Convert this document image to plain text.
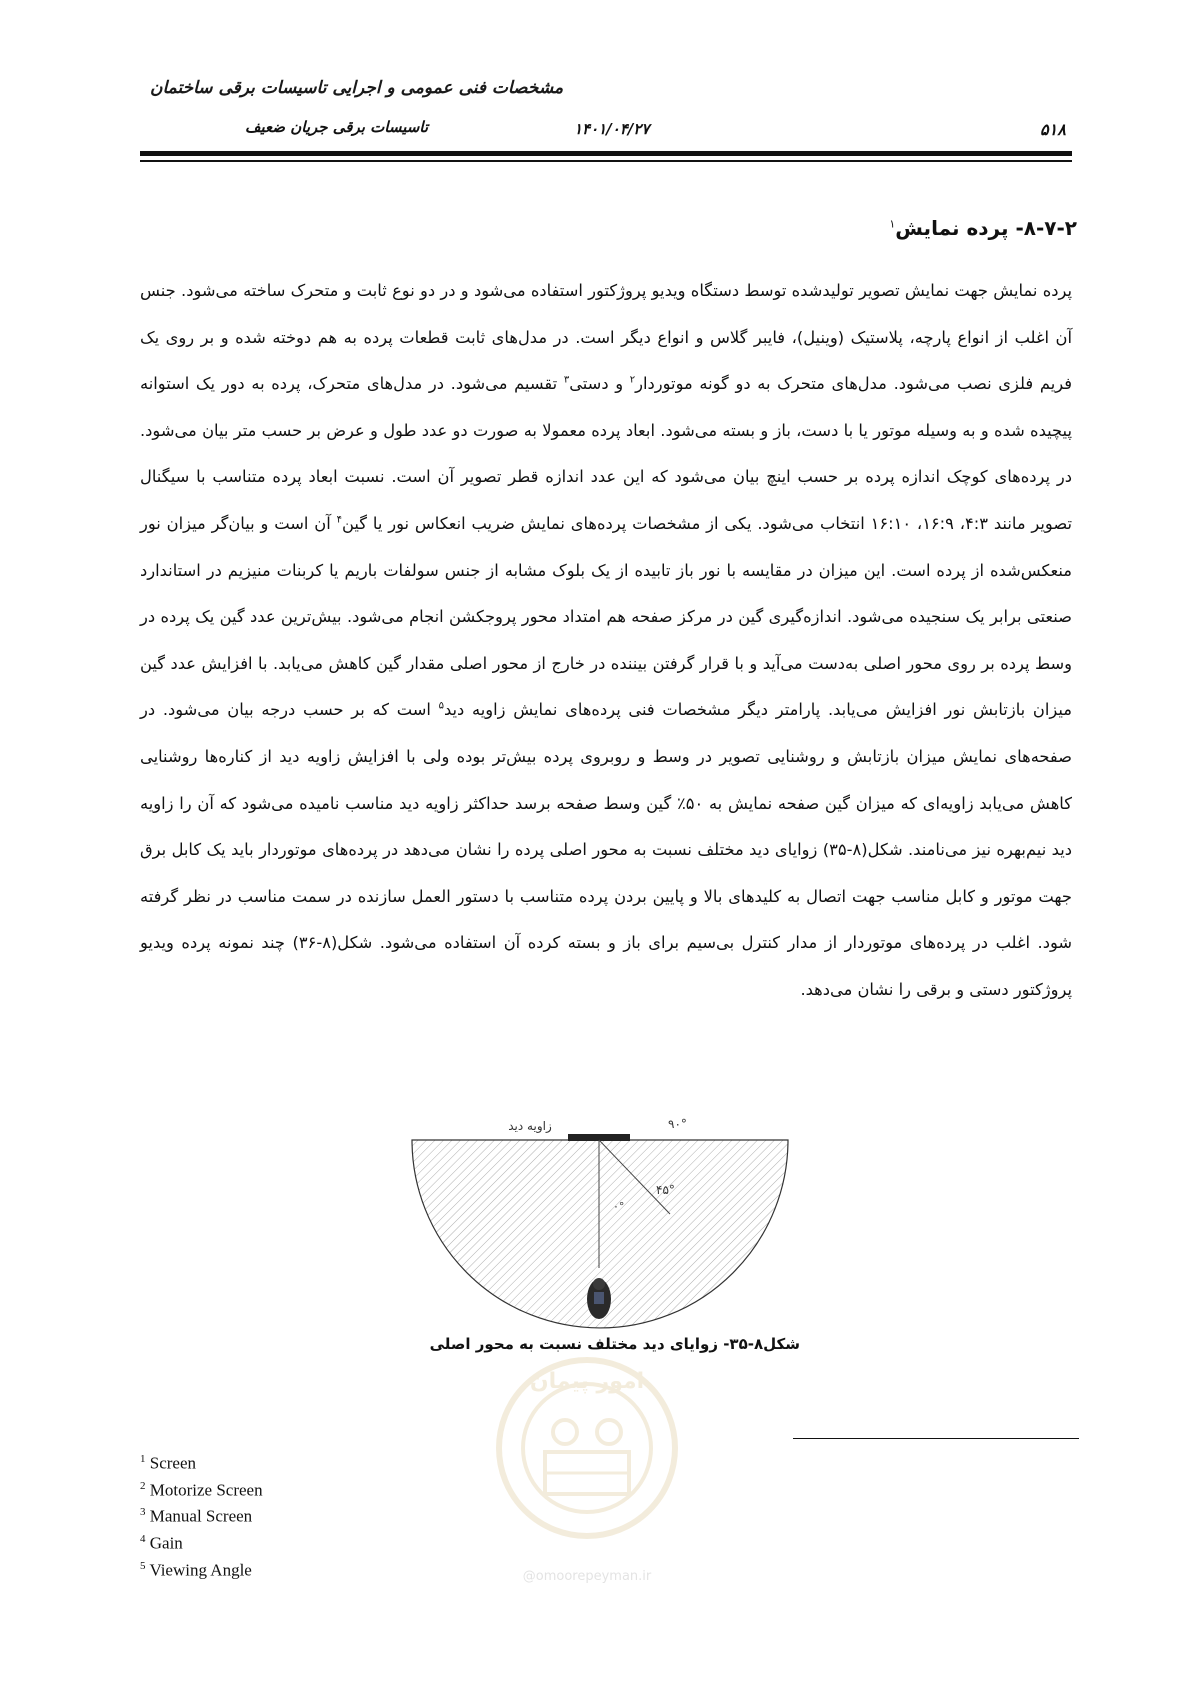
مشخصات فنی عمومی و اجرایی تاسیسات برقی ساختمان
تاسیسات برقی جریان ضعیف	۱۴۰۱/۰۴/۲۷	۵۱۸
۸-۷-۲- پرده نمایش$^۱$
پرده نمایش جهت نمایش تصویر تولیدشده توسط دستگاه ویدیو پروژکتور استفاده می‌شود و در دو نوع ثابت و متحرک ساخته می‌شود. جنس آن اغلب از انواع پارچه، پلاستیک (وینیل)، فایبر گلاس و انواع دیگر است. در مدل‌های ثابت قطعات پرده به هم دوخته شده و بر روی یک فریم فلزی نصب می‌شود. مدل‌های متحرک به دو گونه موتوردار$^۲$ و دستی$^۳$ تقسیم می‌شود. در مدل‌های متحرک، پرده به دور یک استوانه پیچیده شده و به وسیله موتور یا با دست، باز و بسته می‌شود. ابعاد پرده معمولا به صورت دو عدد طول و عرض بر حسب متر بیان می‌شود. در پرده‌های کوچک اندازه پرده بر حسب اینچ بیان می‌شود که این عدد اندازه قطر تصویر آن است. نسبت ابعاد پرده متناسب با سیگنال تصویر مانند ۴:۳، ۱۶:۹، ۱۶:۱۰ انتخاب می‌شود. یکی از مشخصات پرده‌های نمایش ضریب انعکاس نور یا گین$^۴$ آن است و بیان‌گر میزان نور منعکس‌شده از پرده است. این میزان در مقایسه با نور باز تابیده از یک بلوک مشابه از جنس سولفات باریم یا کربنات منیزیم در استاندارد صنعتی برابر یک سنجیده می‌شود. اندازه‌گیری گین در مرکز صفحه هم امتداد محور پروجکشن انجام می‌شود. بیش‌ترین عدد گین یک پرده در وسط پرده بر روی محور اصلی به‌دست می‌آید و با قرار گرفتن بیننده در خارج از محور اصلی مقدار گین کاهش می‌یابد. با افزایش عدد گین میزان بازتابش نور افزایش می‌یابد. پارامتر دیگر مشخصات فنی پرده‌های نمایش زاویه دید$^۵$ است که بر حسب درجه بیان می‌شود. در صفحه‌های نمایش میزان بازتابش و روشنایی تصویر در وسط و روبروی پرده بیش‌تر بوده ولی با افزایش زاویه دید از کناره‌ها روشنایی کاهش می‌یابد زاویه‌ای که میزان گین صفحه نمایش به ۵۰٪ گین وسط صفحه برسد حداکثر زاویه دید مناسب نامیده می‌شود که آن را زاویه دید نیم‌بهره نیز می‌نامند. شکل(۸-۳۵) زوایای دید مختلف نسبت به محور اصلی پرده را نشان می‌دهد در پرده‌های موتوردار باید یک کابل برق جهت موتور و کابل مناسب جهت اتصال به کلیدهای بالا و پایین بردن پرده متناسب با دستور العمل سازنده در سمت مناسب در نظر گرفته شود. اغلب در پرده‌های موتوردار از مدار کنترل بی‌سیم برای باز و بسته کرده آن استفاده می‌شود. شکل(۸-۳۶) چند نمونه پرده ویدیو پروژکتور دستی و برقی را نشان می‌دهد.
زاویه دید	۹۰°
۴۵°
۰°
شکل۸-۳۵- زوایای دید مختلف نسبت به محور اصلی
امور پیمان
@omoorepeyman.ir
$^1$ Screen
$^2$ Motorize Screen
$^3$ Manual Screen
$^4$ Gain
$^5$ Viewing Angle
